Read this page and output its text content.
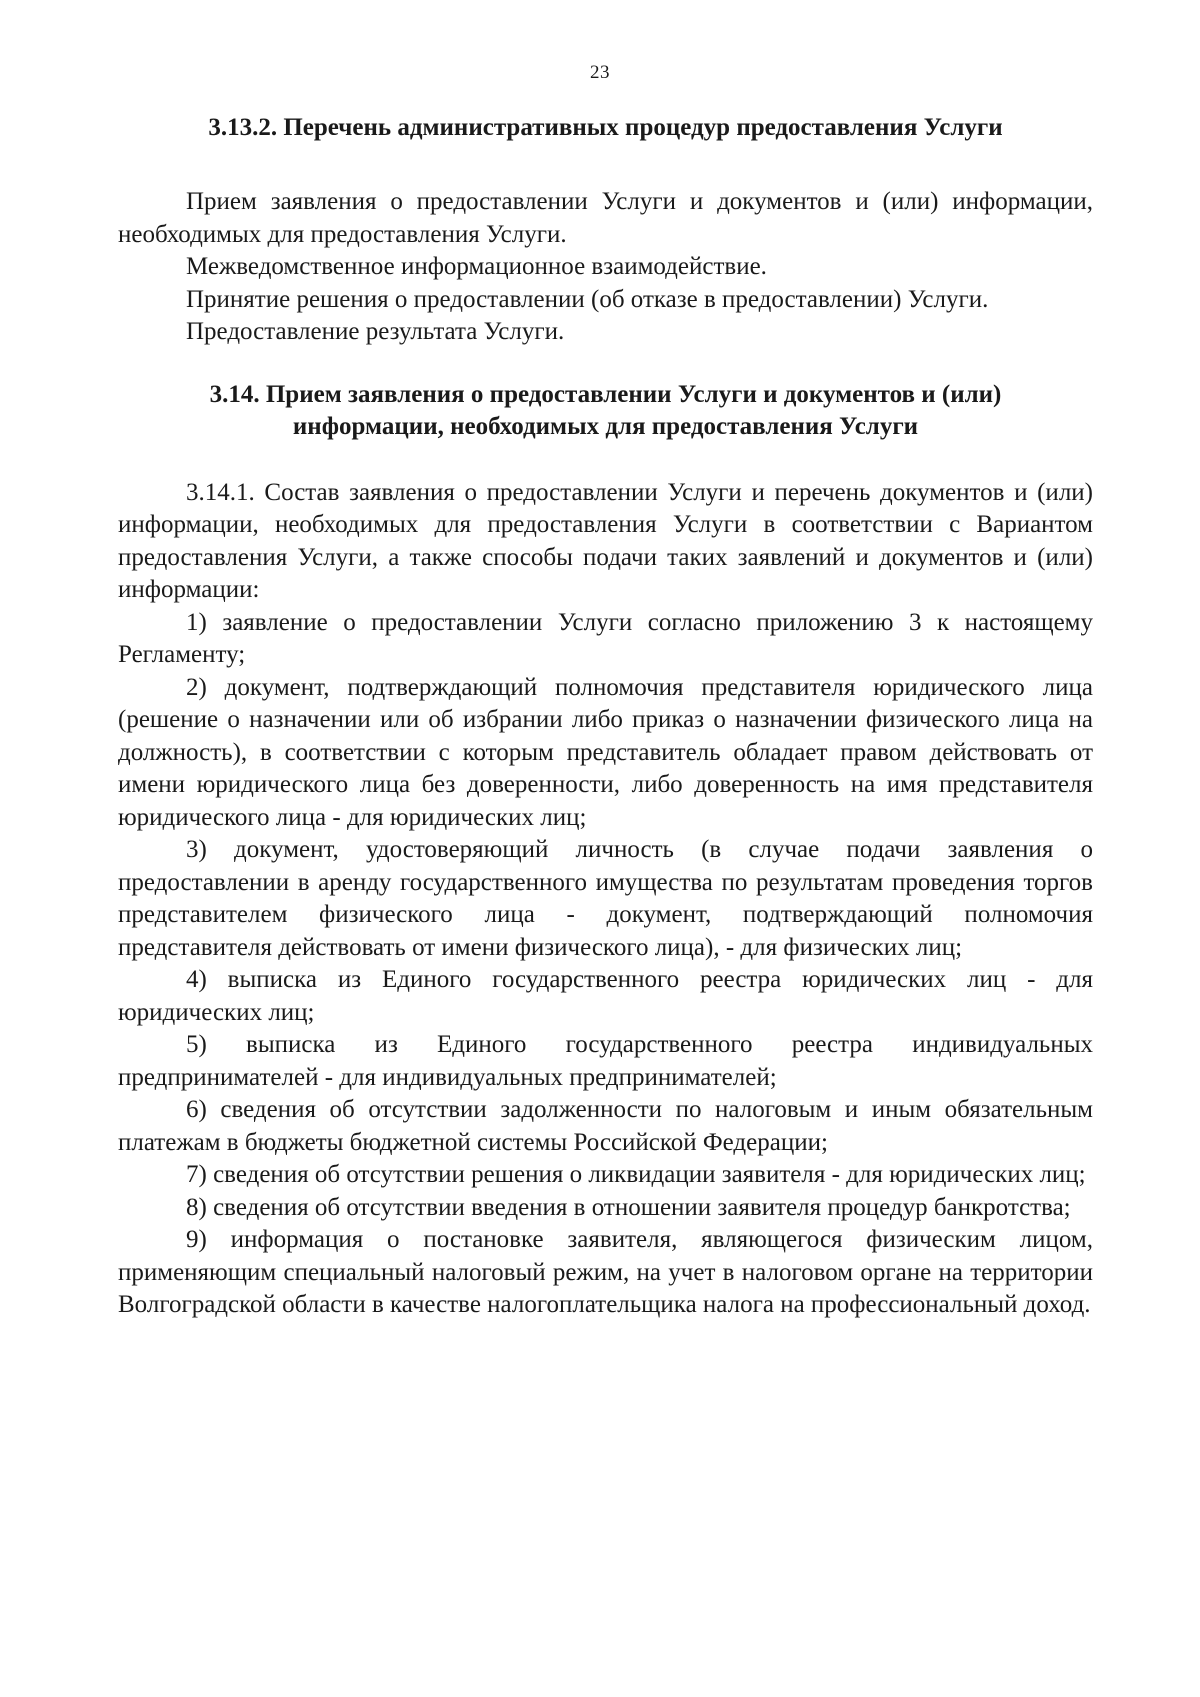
23
3.13.2. Перечень административных процедур предоставления Услуги

Прием заявления о предоставлении Услуги и документов и (или) информации, необходимых для предоставления Услуги.

Межведомственное информационное взаимодействие.

Принятие решения о предоставлении (об отказе в предоставлении) Услуги.

Предоставление результата Услуги.

3.14. Прием заявления о предоставлении Услуги и документов и (или) информации, необходимых для предоставления Услуги

3.14.1. Состав заявления о предоставлении Услуги и перечень документов и (или) информации, необходимых для предоставления Услуги в соответствии с Вариантом предоставления Услуги, а также способы подачи таких заявлений и документов и (или) информации:

1) заявление о предоставлении Услуги согласно приложению 3 к настоящему Регламенту;
2) документ, подтверждающий полномочия представителя юридического лица (решение о назначении или об избрании либо приказ о назначении физического лица на должность), в соответствии с которым представитель обладает правом действовать от имени юридического лица без доверенности, либо доверенность на имя представителя юридического лица - для юридических лиц;
3) документ, удостоверяющий личность (в случае подачи заявления о предоставлении в аренду государственного имущества по результатам проведения торгов представителем физического лица - документ, подтверждающий полномочия представителя действовать от имени физического лица), - для физических лиц;
4) выписка из Единого государственного реестра юридических лиц - для юридических лиц;
5) выписка из Единого государственного реестра индивидуальных предпринимателей - для индивидуальных предпринимателей;
6) сведения об отсутствии задолженности по налоговым и иным обязательным платежам в бюджеты бюджетной системы Российской Федерации;
7) сведения об отсутствии решения о ликвидации заявителя - для юридических лиц;
8) сведения об отсутствии введения в отношении заявителя процедур банкротства;
9) информация о постановке заявителя, являющегося физическим лицом, применяющим специальный налоговый режим, на учет в налоговом органе на территории Волгоградской области в качестве налогоплательщика налога на профессиональный доход.
